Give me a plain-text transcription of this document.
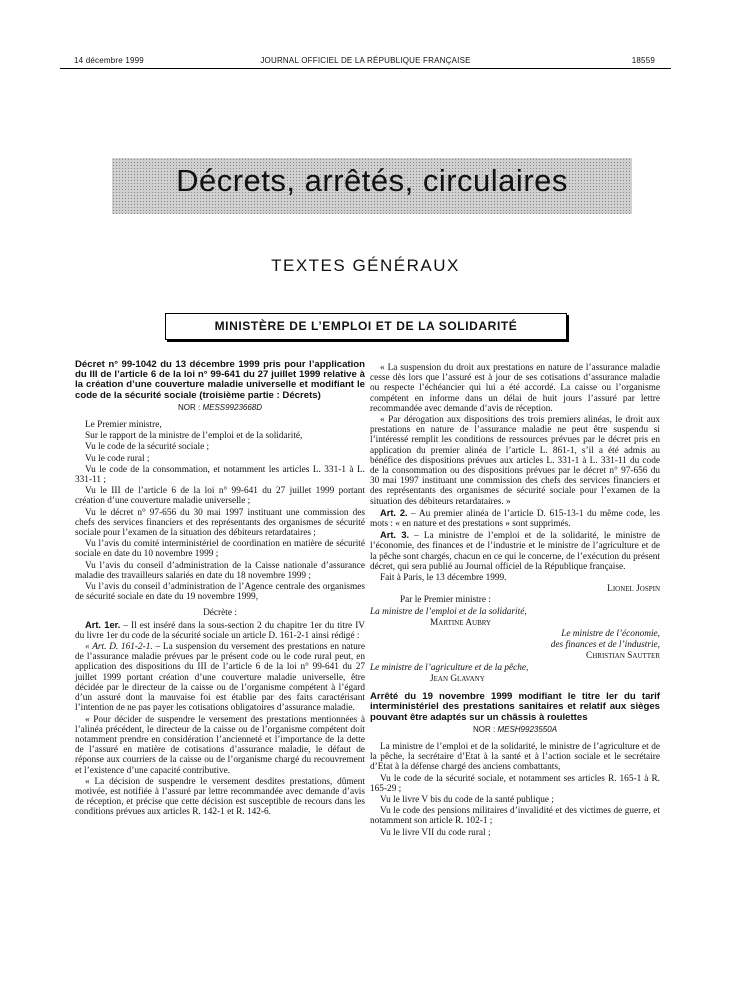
14 décembre 1999	JOURNAL OFFICIEL DE LA RÉPUBLIQUE FRANÇAISE	18559
Décrets, arrêtés, circulaires
TEXTES GÉNÉRAUX
MINISTÈRE DE L’EMPLOI ET DE LA SOLIDARITÉ
Décret n° 99-1042 du 13 décembre 1999 pris pour l’application du III de l’article 6 de la loi n° 99-641 du 27 juillet 1999 relative à la création d’une couverture maladie universelle et modifiant le code de la sécurité sociale (troisième partie : Décrets)
NOR : MESS9923668D

Le Premier ministre,

Sur le rapport de la ministre de l’emploi et de la solidarité,

Vu le code de la sécurité sociale ;

Vu le code rural ;

Vu le code de la consommation, et notamment les articles L. 331-1 à L. 331-11 ;

Vu le III de l’article 6 de la loi n° 99-641 du 27 juillet 1999 portant création d’une couverture maladie universelle ;

Vu le décret n° 97-656 du 30 mai 1997 instituant une commission des chefs des services financiers et des représentants des organismes de sécurité sociale pour l’examen de la situation des débiteurs retardataires ;

Vu l’avis du comité interministériel de coordination en matière de sécurité sociale en date du 10 novembre 1999 ;

Vu l’avis du conseil d’administration de la Caisse nationale d’assurance maladie des travailleurs salariés en date du 18 novembre 1999 ;

Vu l’avis du conseil d’administration de l’Agence centrale des organismes de sécurité sociale en date du 19 novembre 1999,

Décrète :

Art. 1er. – Il est inséré dans la sous-section 2 du chapitre 1er du titre IV du livre 1er du code de la sécurité sociale un article D. 161-2-1 ainsi rédigé :

« Art. D. 161-2-1. – La suspension du versement des prestations en nature de l’assurance maladie prévues par le présent code ou le code rural peut, en application des dispositions du III de l’article 6 de la loi n° 99-641 du 27 juillet 1999 portant création d’une couverture maladie universelle, être décidée par le directeur de la caisse ou de l’organisme compétent à l’égard d’un assuré dont la mauvaise foi est établie par des faits caractérisant l’intention de ne pas payer les cotisations obligatoires d’assurance maladie.

« Pour décider de suspendre le versement des prestations mentionnées à l’alinéa précédent, le directeur de la caisse ou de l’organisme compétent doit notamment prendre en considération l’ancienneté et l’importance de la dette de l’assuré en matière de cotisations d’assurance maladie, le défaut de réponse aux courriers de la caisse ou de l’organisme chargé du recouvrement et l’existence d’une capacité contributive.

« La décision de suspendre le versement desdites prestations, dûment motivée, est notifiée à l’assuré par lettre recommandée avec demande d’avis de réception, et précise que cette décision est susceptible de recours dans les conditions prévues aux articles R. 142-1 et R. 142-6.

« La suspension du droit aux prestations en nature de l’assurance maladie cesse dès lors que l’assuré est à jour de ses cotisations d’assurance maladie ou respecte l’échéancier qui lui a été accordé. La caisse ou l’organisme compétent en informe dans un délai de huit jours l’assuré par lettre recommandée avec demande d’avis de réception.

« Par dérogation aux dispositions des trois premiers alinéas, le droit aux prestations en nature de l’assurance maladie ne peut être suspendu si l’intéressé remplit les conditions de ressources prévues par le décret pris en application du premier alinéa de l’article L. 861-1, s’il a été admis au bénéfice des dispositions prévues aux articles L. 331-1 à L. 331-11 du code de la consommation ou des dispositions prévues par le décret n° 97-656 du 30 mai 1997 instituant une commission des chefs des services financiers et des représentants des organismes de sécurité sociale pour l’examen de la situation des débiteurs retardataires. »

Art. 2. – Au premier alinéa de l’article D. 615-13-1 du même code, les mots : « en nature et des prestations » sont supprimés.

Art. 3. – La ministre de l’emploi et de la solidarité, le ministre de l’économie, des finances et de l’industrie et le ministre de l’agriculture et de la pêche sont chargés, chacun en ce qui le concerne, de l’exécution du présent décret, qui sera publié au Journal officiel de la République française.

Fait à Paris, le 13 décembre 1999.

Lionel Jospin

Par le Premier ministre :

La ministre de l’emploi et de la solidarité,

Martine Aubry

Le ministre de l’économie,

des finances et de l’industrie,

Christian Sautter

Le ministre de l’agriculture et de la pêche,

Jean Glavany

Arrêté du 19 novembre 1999 modifiant le titre Ier du tarif interministériel des prestations sanitaires et relatif aux sièges pouvant être adaptés sur un châssis à roulettes
NOR : MESH9923550A

La ministre de l’emploi et de la solidarité, le ministre de l’agriculture et de la pêche, la secrétaire d’Etat à la santé et à l’action sociale et le secrétaire d’Etat à la défense chargé des anciens combattants,

Vu le code de la sécurité sociale, et notamment ses articles R. 165-1 à R. 165-29 ;

Vu le livre V bis du code de la santé publique ;

Vu le code des pensions militaires d’invalidité et des victimes de guerre, et notamment son article R. 102-1 ;

Vu le livre VII du code rural ;
